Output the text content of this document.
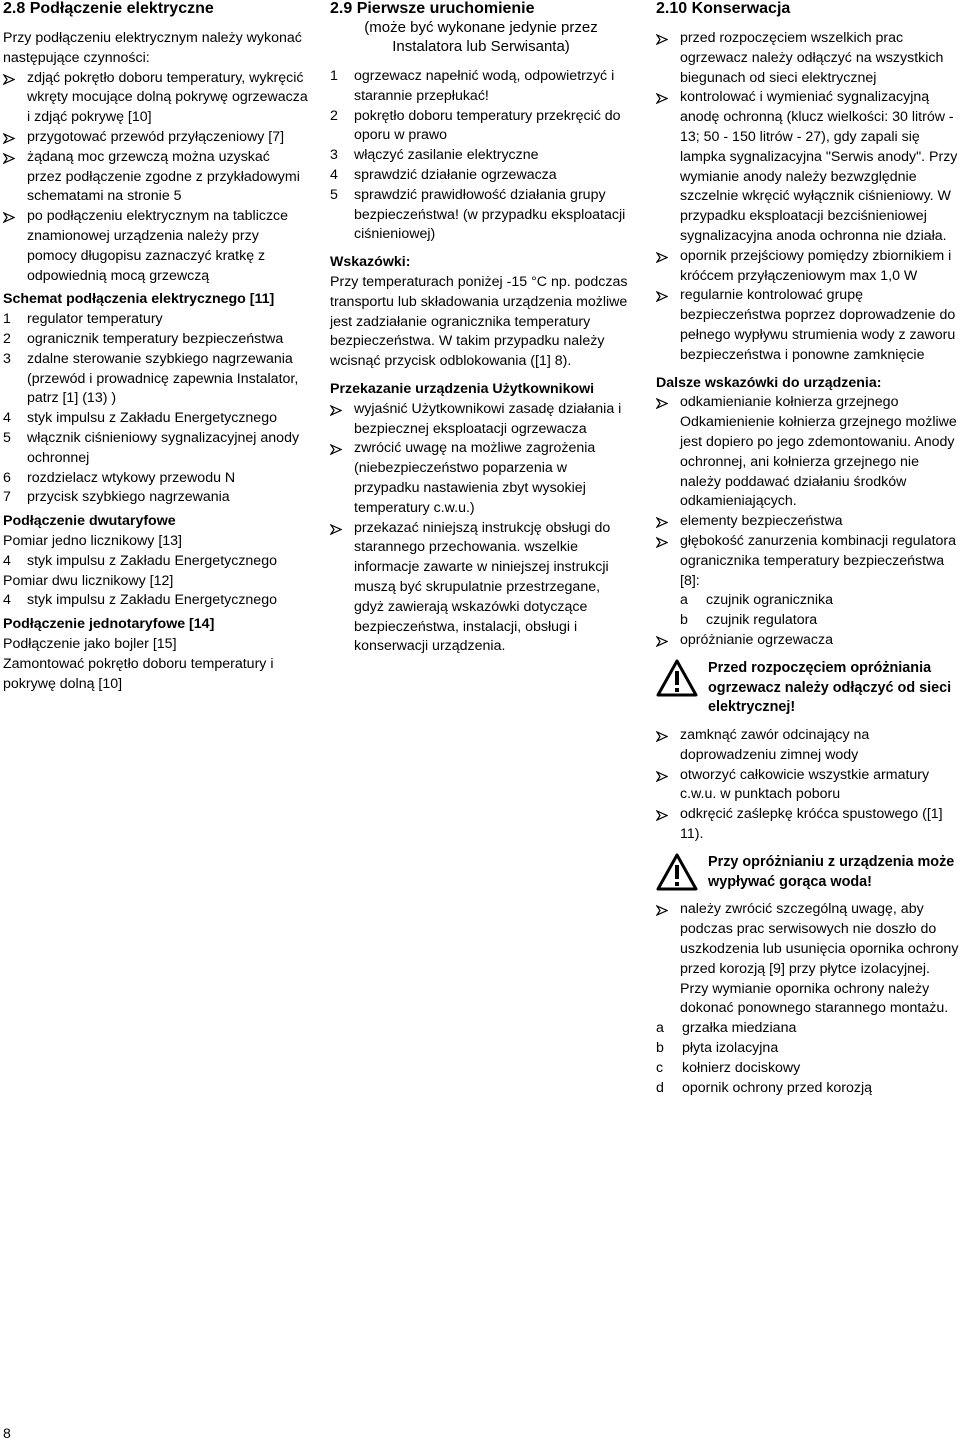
2.8 Podłączenie elektryczne
Przy podłączeniu elektrycznym należy wykonać następujące czynności:
zdjąć pokrętło doboru temperatury, wykręcić wkręty mocujące dolną pokrywę ogrzewacza i zdjąć pokrywę [10]
przygotować przewód przyłączeniowy [7]
żądaną moc grzewczą można uzyskać przez podłączenie zgodne z przykładowymi schematami na stronie 5
po podłączeniu elektrycznym na tabliczce znamionowej urządzenia należy przy pomocy długopisu zaznaczyć kratkę z odpowiednią mocą grzewczą
Schemat podłączenia elektrycznego [11]
1 regulator temperatury
2 ogranicznik temperatury bezpieczeństwa
3 zdalne sterowanie szybkiego nagrzewania (przewód i prowadnicę zapewnia Instalator, patrz [1] (13) )
4 styk impulsu z Zakładu Energetycznego
5 włącznik ciśnieniowy sygnalizacyjnej anody ochronnej
6 rozdzielacz wtykowy przewodu N
7 przycisk szybkiego nagrzewania
Podłączenie dwutaryfowe
Pomiar jedno licznikowy [13]
4 styk impulsu z Zakładu Energetycznego
Pomiar dwu licznikowy [12]
4 styk impulsu z Zakładu Energetycznego
Podłączenie jednotaryfowe [14]
Podłączenie jako bojler [15]
Zamontować pokrętło doboru temperatury i pokrywę dolną [10]
2.9 Pierwsze uruchomienie
(może być wykonane jedynie przez Instalatora lub Serwisanta)
1 ogrzewacz napełnić wodą, odpowietrzyć i starannie przepłukać!
2 pokrętło doboru temperatury przekręcić do oporu w prawo
3 włączyć zasilanie elektryczne
4 sprawdzić działanie ogrzewacza
5 sprawdzić prawidłowość działania grupy bezpieczeństwa! (w przypadku eksploatacji ciśnieniowej)
Wskazówki:
Przy temperaturach poniżej -15 °C np. podczas transportu lub składowania urządzenia możliwe jest zadziałanie ogranicznika temperatury bezpieczeństwa. W takim przypadku należy wcisnąć przycisk odblokowania ([1] 8).
Przekazanie urządzenia Użytkownikowi
wyjaśnić Użytkownikowi zasadę działania i bezpiecznej eksploatacji ogrzewacza
zwrócić uwagę na możliwe zagrożenia (niebezpieczeństwo poparzenia w przypadku nastawienia zbyt wysokiej temperatury c.w.u.)
przekazać niniejszą instrukcję obsługi do starannego przechowania. wszelkie informacje zawarte w niniejszej instrukcji muszą być skrupulatnie przestrzegane, gdyż zawierają wskazówki dotyczące bezpieczeństwa, instalacji, obsługi i konserwacji urządzenia.
2.10 Konserwacja
przed rozpoczęciem wszelkich prac ogrzewacz należy odłączyć na wszystkich biegunach od sieci elektrycznej
kontrolować i wymieniać sygnalizacyjną anodę ochronną (klucz wielkości: 30 litrów - 13; 50 - 150 litrów - 27), gdy zapali się lampka sygnalizacyjna "Serwis anody". Przy wymianie anody należy bezwzględnie szczelnie wkręcić wyłącznik ciśnieniowy. W przypadku eksploatacji bezciśnieniowej sygnalizacyjna anoda ochronna nie działa.
opornik przejściowy pomiędzy zbiornikiem i króćcem przyłączeniowym max 1,0 W
regularnie kontrolować grupę bezpieczeństwa poprzez doprowadzenie do pełnego wypływu strumienia wody z zaworu bezpieczeństwa i ponowne zamknięcie
Dalsze wskazówki do urządzenia:
odkamienianie kołnierza grzejnego Odkamienienie kołnierza grzejnego możliwe jest dopiero po jego zdemontowaniu. Anody ochronnej, ani kołnierza grzejnego nie należy poddawać działaniu środków odkamieniających.
elementy bezpieczeństwa
głębokość zanurzenia kombinacji regulatora ogranicznika temperatury bezpieczeństwa [8]:
a czujnik ogranicznika
b czujnik regulatora
opróżnianie ogrzewacza
Przed rozpoczęciem opróżniania ogrzewacz należy odłączyć od sieci elektrycznej!
zamknąć zawór odcinający na doprowadzeniu zimnej wody
otworzyć całkowicie wszystkie armatury c.w.u. w punktach poboru
odkręcić zaślepkę króćca spustowego ([1] 11).
Przy opróżnianiu z urządzenia może wypływać gorąca woda!
należy zwrócić szczególną uwagę, aby podczas prac serwisowych nie doszło do uszkodzenia lub usunięcia opornika ochrony przed korozją [9] przy płytce izolacyjnej. Przy wymianie opornika ochrony należy dokonać ponownego starannego montażu.
a grzałka miedziana
b płyta izolacyjna
c kołnierz dociskowy
d opornik ochrony przed korozją
8
